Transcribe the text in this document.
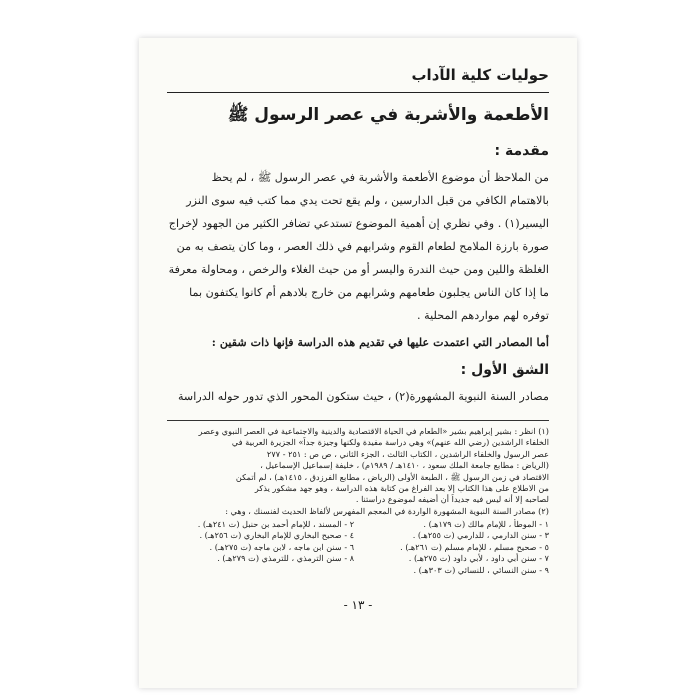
حوليات كلية الآداب
الأطعمة والأشربة في عصر الرسول ﷺ
مقدمة :
من الملاحظ أن موضوع الأطعمة والأشربة في عصر الرسول ﷺ ، لم يحظ
بالاهتمام الكافي من قبل الدارسين ، ولم يقع تحت يدي مما كتب فيه سوى النزر
اليسير(١) . وفي نظري إن أهمية الموضوع تستدعي تضافر الكثير من الجهود لإخراج
صورة بارزة الملامح لطعام القوم وشرابهم في ذلك العصر ، وما كان يتصف به من
الغلظة واللين ومن حيث الندرة واليسر أو من حيث الغلاء والرخص ، ومحاولة معرفة
ما إذا كان الناس يجلبون طعامهم وشرابهم من خارج بلادهم أم كانوا يكتفون بما
توفره لهم مواردهم المحلية .
أما المصادر التي اعتمدت عليها في تقديم هذه الدراسة فإنها ذات شقين :
الشق الأول :
مصادر السنة النبوية المشهورة(٢) ، حيث ستكون المحور الذي تدور حوله الدراسة
(١) انظر : بشير إبراهيم بشير «الطعام في الحياة الاقتصادية والدينية والاجتماعية في العصر النبوي وعصر
الخلفاء الراشدين (رضي الله عنهم)» وهي دراسة مفيدة ولكنها وجيزة جداً» الجزيرة العربية في
عصر الرسول والخلفاء الراشدين ، الكتاب الثالث ، الجزء الثاني ، ص ص : ٢٥١ - ٢٧٧
(الرياض : مطابع جامعة الملك سعود ، ١٤١٠هـ / ١٩٨٩م) ، خليفة إسماعيل الإسماعيل ،
الاقتصاد في زمن الرسول ﷺ ، الطبعة الأولى (الرياض ، مطابع الفرزدق ، ١٤١٥هـ) ، لم أتمكن
من الاطلاع على هذا الكتاب إلا بعد الفراغ من كتابة هذه الدراسة ، وهو جهد مشكور يذكر
لصاحبه إلا أنه ليس فيه جديداً أن أضيفه لموضوع دراستنا .
(٢) مصادر السنة النبوية المشهورة الواردة في المعجم المفهرس لألفاظ الحديث لفنسنك ، وهي :
١ - الموطأ ، للإمام مالك (ت ١٧٩هـ) .
٢ - المسند ، للإمام أحمد بن حنبل (ت ٢٤١هـ) .
٣ - سنن الدارمي ، للدارمي (ت ٢٥٥هـ) .
٤ - صحيح البخاري للإمام البخاري (ت ٢٥٦هـ) .
٥ - صحيح مسلم ، للإمام مسلم (ت ٢٦١هـ) .
٦ - سنن ابن ماجه ، لابن ماجه (ت ٢٧٥هـ) .
٧ - سنن أبي داود ، لأبي داود (ت ٢٧٥هـ) .
٨ - سنن الترمذي ، للترمذي (ت ٢٧٩هـ) .
٩ - سنن النسائي ، للنسائي (ت ٣٠٣هـ) .
- ١٣ -
